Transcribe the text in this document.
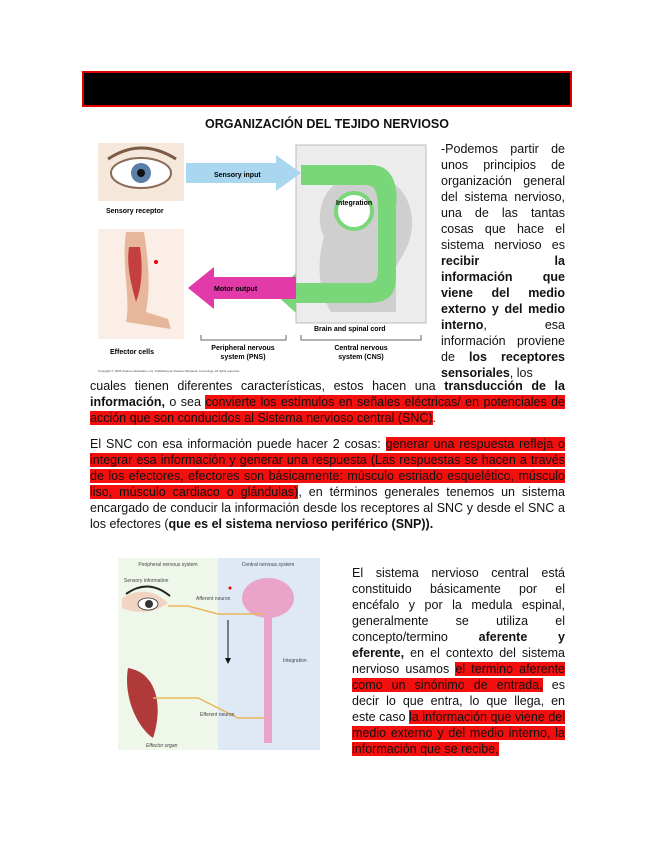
ORGANIZACIÓN DEL TEJIDO NERVIOSO
Sensory receptor
Effector cells
Sensory input
Integration
Motor output
Brain and spinal cord
Peripheral nervous
system (PNS)
Central nervous
system (CNS)
Copyright © 2004 Pearson Education, Inc. Publishing as Pearson Benjamin Cummings. All rights reserved.
-Podemos partir de unos principios de organización general del sistema nervioso, una de las tantas cosas que hace el sistema nervioso es recibir la información que viene del medio externo y del medio interno, esa información proviene de los receptores sensoriales, los
cuales tienen diferentes características, estos hacen una transducción de la información, o sea convierte los estímulos en señales eléctricas/ en potenciales de acción que son conducidos al Sistema nervioso central (SNC).
El SNC con esa información puede hacer 2 cosas: generar una respuesta refleja o integrar esa información y generar una respuesta (Las respuestas se hacen a través de los efectores, efectores son básicamente: músculo estriado esquelético, músculo liso, músculo cardiaco o glándulas), en términos generales tenemos un sistema encargado de conducir la información desde los receptores al SNC y desde el SNC a los efectores (que es el sistema nervioso periférico (SNP)).
Peripheral nervous system	Central nervous system
Sensory information
Afferent neuron
Integration
Efferent neuron
Effector organ
El sistema nervioso central está constituido básicamente por el encéfalo y por la medula espinal, generalmente se utiliza el concepto/termino aferente y eferente, en el contexto del sistema nervioso usamos el termino aferente como un sinónimo de entrada, es decir lo que entra, lo que llega, en este caso la información que viene del medio externo y del medio interno, la información que se recibe,
